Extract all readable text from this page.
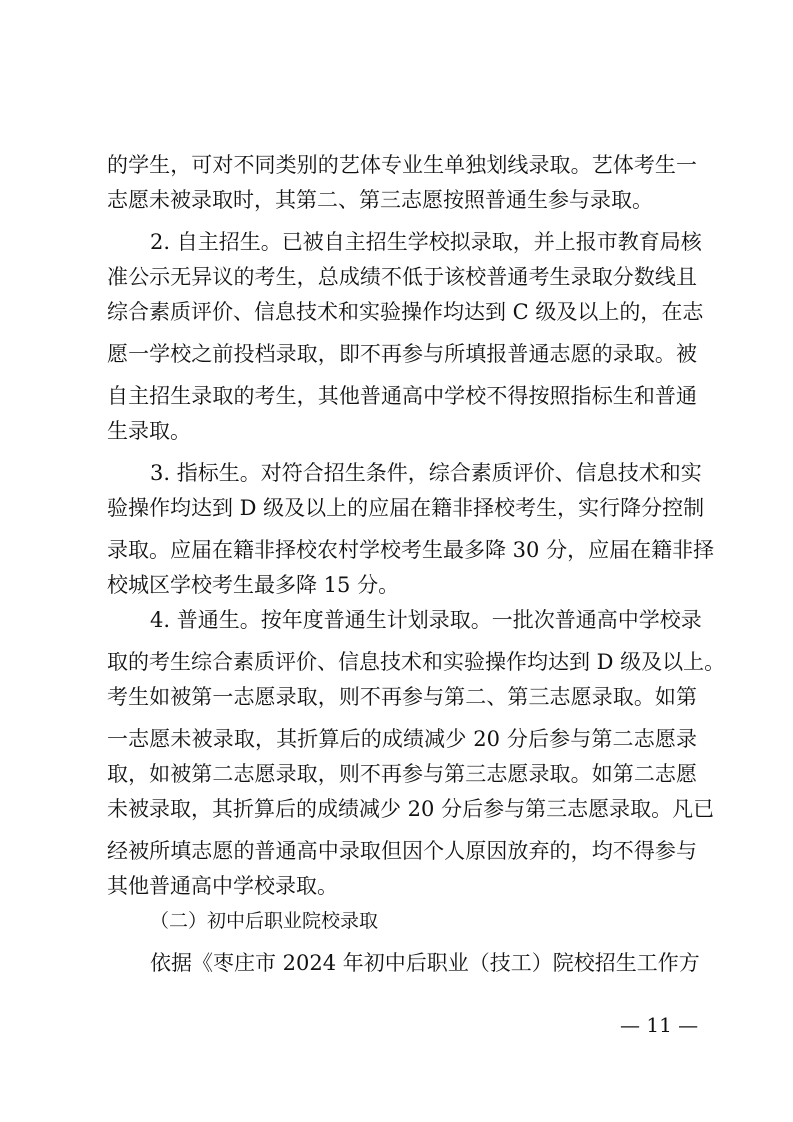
的学生，可对不同类别的艺体专业生单独划线录取。艺体考生一
志愿未被录取时，其第二、第三志愿按照普通生参与录取。
2. 自主招生。已被自主招生学校拟录取，并上报市教育局核
准公示无异议的考生，总成绩不低于该校普通考生录取分数线且
综合素质评价、信息技术和实验操作均达到 C 级及以上的，在志
愿一学校之前投档录取，即不再参与所填报普通志愿的录取。被
自主招生录取的考生，其他普通高中学校不得按照指标生和普通
生录取。
3. 指标生。对符合招生条件，综合素质评价、信息技术和实
验操作均达到 D 级及以上的应届在籍非择校考生，实行降分控制
录取。应届在籍非择校农村学校考生最多降 30 分，应届在籍非择
校城区学校考生最多降 15 分。
4. 普通生。按年度普通生计划录取。一批次普通高中学校录
取的考生综合素质评价、信息技术和实验操作均达到 D 级及以上。
考生如被第一志愿录取，则不再参与第二、第三志愿录取。如第
一志愿未被录取，其折算后的成绩减少 20 分后参与第二志愿录
取，如被第二志愿录取，则不再参与第三志愿录取。如第二志愿
未被录取，其折算后的成绩减少 20 分后参与第三志愿录取。凡已
经被所填志愿的普通高中录取但因个人原因放弃的，均不得参与
其他普通高中学校录取。
（二）初中后职业院校录取
依据《枣庄市 2024 年初中后职业（技工）院校招生工作方
— 11 —
